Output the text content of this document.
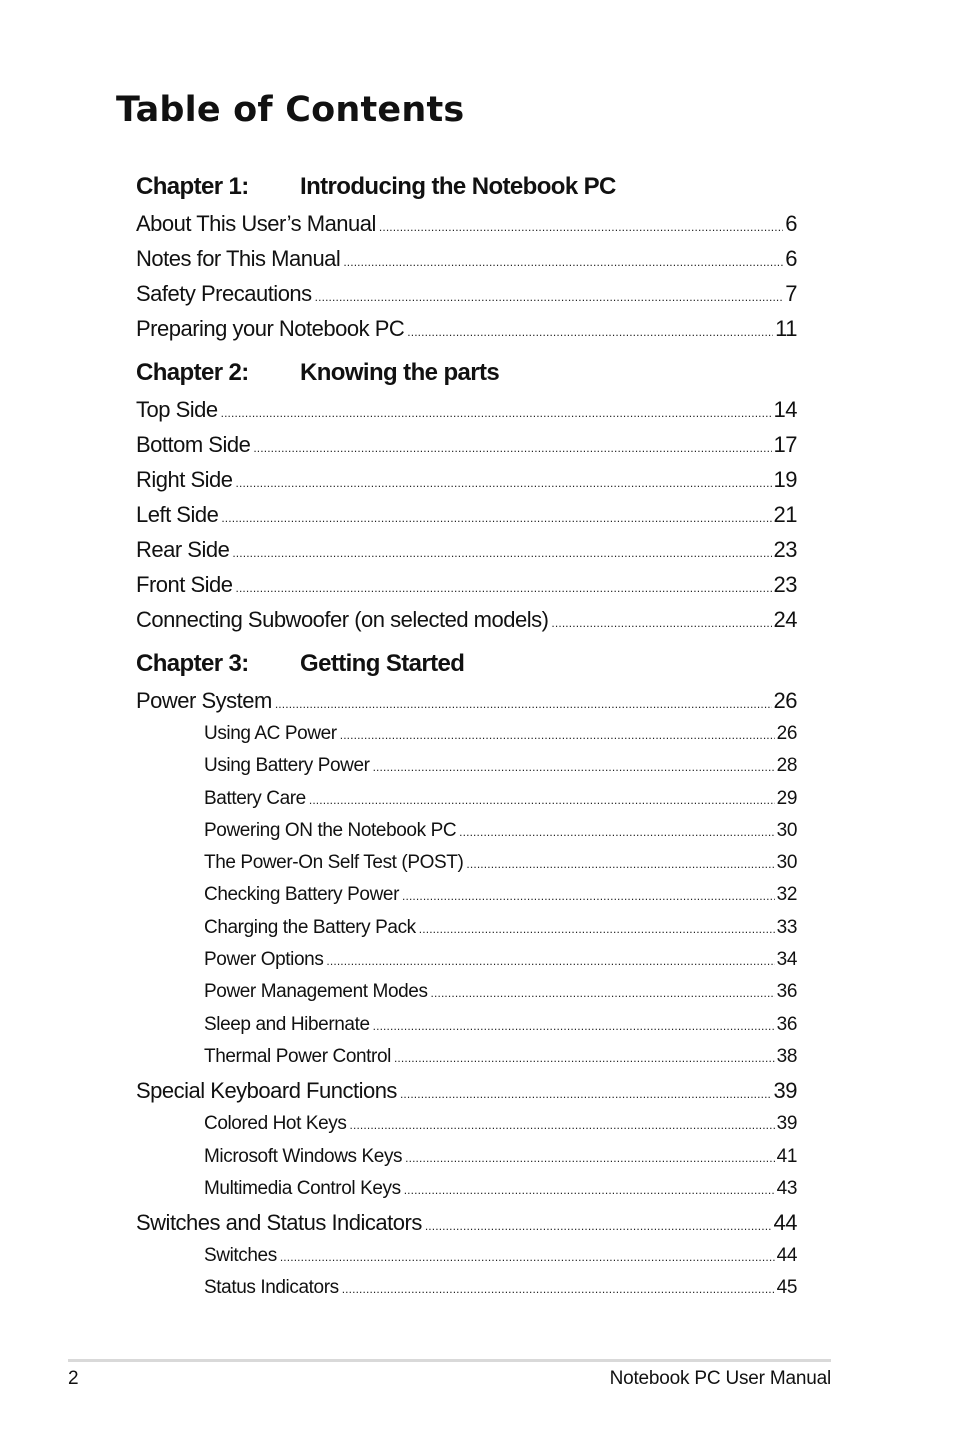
Table of Contents
Chapter 1:	Introducing the Notebook PC
About This User’s Manual . . .	6
Notes for This Manual . . .	6
Safety Precautions . . .	7
Preparing your Notebook PC . . .	11
Chapter 2:	Knowing the parts
Top Side . . .	14
Bottom Side . . .	17
Right Side . . .	19
Left Side . . .	21
Rear Side . . .	23
Front Side . . .	23
Connecting Subwoofer (on selected models) . . .	24
Chapter 3:	Getting Started
Power System . . .	26
Using AC Power . . .	26
Using Battery Power . . .	28
Battery Care . . .	29
Powering ON the Notebook PC . . .	30
The Power-On Self Test (POST) . . .	30
Checking Battery Power . . .	32
Charging the Battery Pack . . .	33
Power Options . . .	34
Power Management Modes . . .	36
Sleep and Hibernate . . .	36
Thermal Power Control . . .	38
Special Keyboard Functions . . .	39
Colored Hot Keys . . .	39
Microsoft Windows Keys . . .	41
Multimedia Control Keys . . .	43
Switches and Status Indicators . . .	44
Switches . . .	44
Status Indicators . . .	45
2	Notebook PC User Manual
